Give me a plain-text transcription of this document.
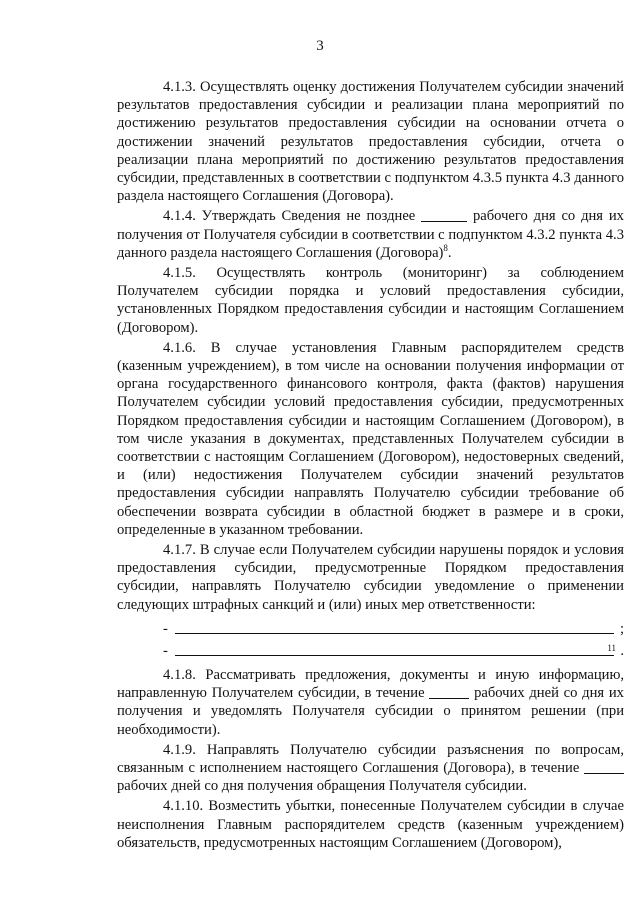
3

4.1.3. Осуществлять оценку достижения Получателем субсидии значений результатов предоставления субсидии и реализации плана мероприятий по достижению результатов предоставления субсидии на основании отчета о достижении значений результатов предоставления субсидии, отчета о реализации плана мероприятий по достижению результатов предоставления субсидии, представленных в соответствии с подпунктом 4.3.5 пункта 4.3 данного раздела настоящего Соглашения (Договора).

4.1.4. Утверждать Сведения не позднее	рабочего дня со дня их получения от Получателя субсидии в соответствии с подпунктом 4.3.2 пункта 4.3 данного раздела настоящего Соглашения (Договора)$^8$.

4.1.5. Осуществлять контроль (мониторинг) за соблюдением Получателем субсидии порядка и условий предоставления субсидии, установленных Порядком предоставления субсидии и настоящим Соглашением (Договором).

4.1.6. В случае установления Главным распорядителем средств (казенным учреждением), в том числе на основании получения информации от органа государственного финансового контроля, факта (фактов) нарушения Получателем субсидии условий предоставления субсидии, предусмотренных Порядком предоставления субсидии и настоящим Соглашением (Договором), в том числе указания в документах, представленных Получателем субсидии в соответствии с настоящим Соглашением (Договором), недостоверных сведений, и (или) недостижения Получателем субсидии значений результатов предоставления субсидии направлять Получателю субсидии требование об обеспечении возврата субсидии в областной бюджет в размере и в сроки, определенные в указанном требовании.

4.1.7. В случае если Получателем субсидии нарушены порядок и условия предоставления субсидии, предусмотренные Порядком предоставления субсидии, направлять Получателю субсидии уведомление о применении следующих штрафных санкций и (или) иных мер ответственности:

-	;
-	11 .

4.1.8. Рассматривать предложения, документы и иную информацию, направленную Получателем субсидии, в течение	рабочих дней со дня их получения и уведомлять Получателя субсидии о принятом решении (при необходимости).

4.1.9. Направлять Получателю субсидии разъяснения по вопросам, связанным с исполнением настоящего Соглашения (Договора), в течение  рабочих дней со дня получения обращения Получателя субсидии.

4.1.10. Возместить убытки, понесенные Получателем субсидии в случае неисполнения Главным распорядителем средств (казенным учреждением) обязательств, предусмотренных настоящим Соглашением (Договором),
